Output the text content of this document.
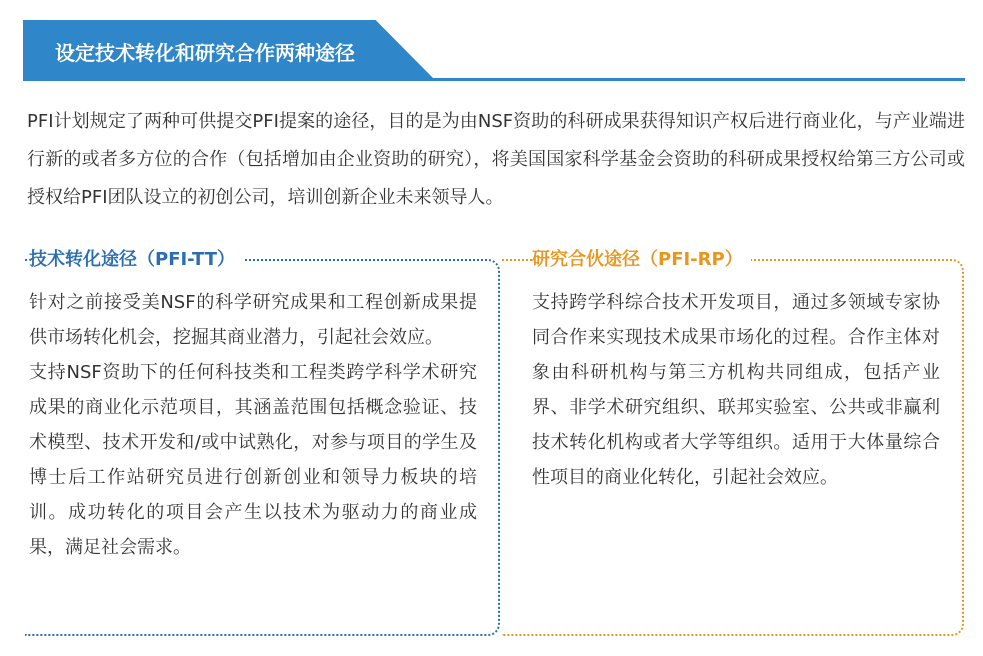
设定技术转化和研究合作两种途径

PFI计划规定了两种可供提交PFI提案的途径，目的是为由NSF资助的科研成果获得知识产权后进行商业化，与产业端进行新的或者多方位的合作（包括增加由企业资助的研究），将美国国家科学基金会资助的科研成果授权给第三方公司或授权给PFI团队设立的初创公司，培训创新企业未来领导人。

技术转化途径（PFI-TT）

针对之前接受美NSF的科学研究成果和工程创新成果提供市场转化机会，挖掘其商业潜力，引起社会效应。

支持NSF资助下的任何科技类和工程类跨学科学术研究成果的商业化示范项目，其涵盖范围包括概念验证、技术模型、技术开发和/或中试熟化，对参与项目的学生及博士后工作站研究员进行创新创业和领导力板块的培训。成功转化的项目会产生以技术为驱动力的商业成果，满足社会需求。

研究合伙途径（PFI-RP）

支持跨学科综合技术开发项目，通过多领域专家协同合作来实现技术成果市场化的过程。合作主体对象由科研机构与第三方机构共同组成，包括产业界、非学术研究组织、联邦实验室、公共或非赢利技术转化机构或者大学等组织。适用于大体量综合性项目的商业化转化，引起社会效应。
